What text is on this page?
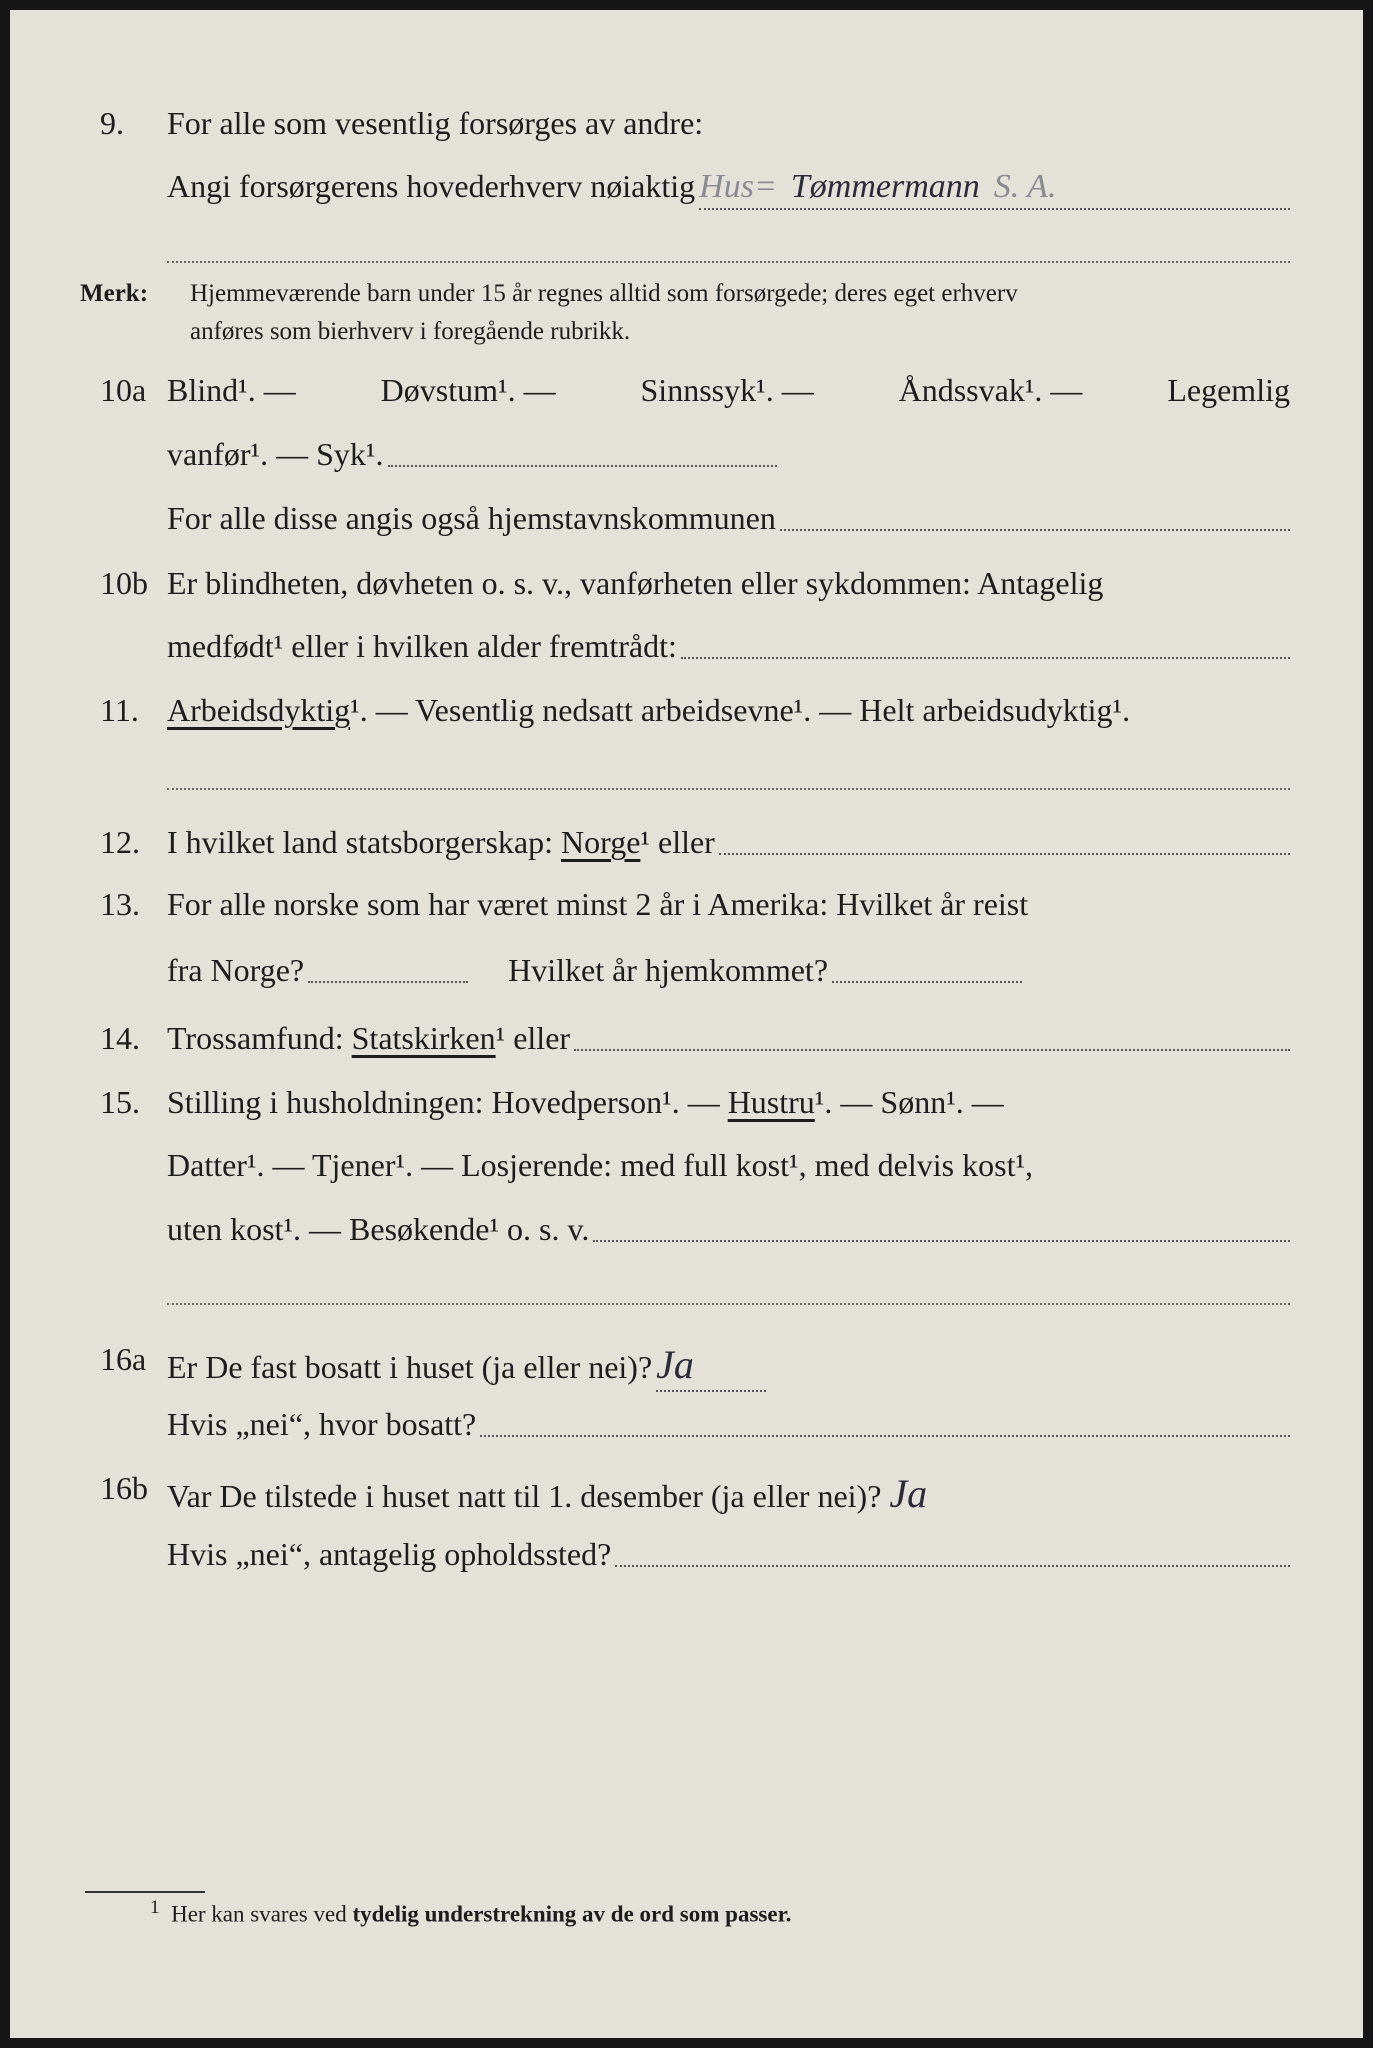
9. For alle som vesentlig forsørges av andre:
Angi forsørgerens hovederhverv nøiaktig Hus= Tømmermann S. A.
Merk: Hjemmeværende barn under 15 år regnes alltid som forsørgede; deres eget erhverv
anføres som bierhverv i foregående rubrikk.
10a Blind¹. —	Døvstum¹. —	Sinnssyk¹. —	Åndssvak¹. —	Legemlig
vanfør¹. — Syk¹.
For alle disse angis også hjemstavnskommunen
10b Er blindheten, døvheten o. s. v., vanførheten eller sykdommen: Antagelig
medfødt¹ eller i hvilken alder fremtrådt:
11. Arbeidsdyktig ¹. — Vesentlig nedsatt arbeidsevne¹. — Helt arbeidsudyktig¹.
12. I hvilket land statsborgerskap:
Norge ¹ eller
13. For alle norske som har været minst 2 år i Amerika: Hvilket år reist
fra Norge?	Hvilket år hjemkommet?
14. Trossamfund:
Statskirken ¹ eller
15. Stilling i husholdningen: Hovedperson¹. —
Hustru ¹. — Sønn¹. —
Datter¹. — Tjener¹. — Losjerende: med full kost¹, med delvis kost¹,
uten kost¹. — Besøkende¹ o. s. v.
16a Er De fast bosatt i huset (ja eller nei)? Ja
Hvis „nei“, hvor bosatt?
16b Var De tilstede i huset natt til 1. desember (ja eller nei)? Ja
Hvis „nei“, antagelig opholdssted?
$^1$ Her kan svares ved tydelig understrekning av de ord som passer.
